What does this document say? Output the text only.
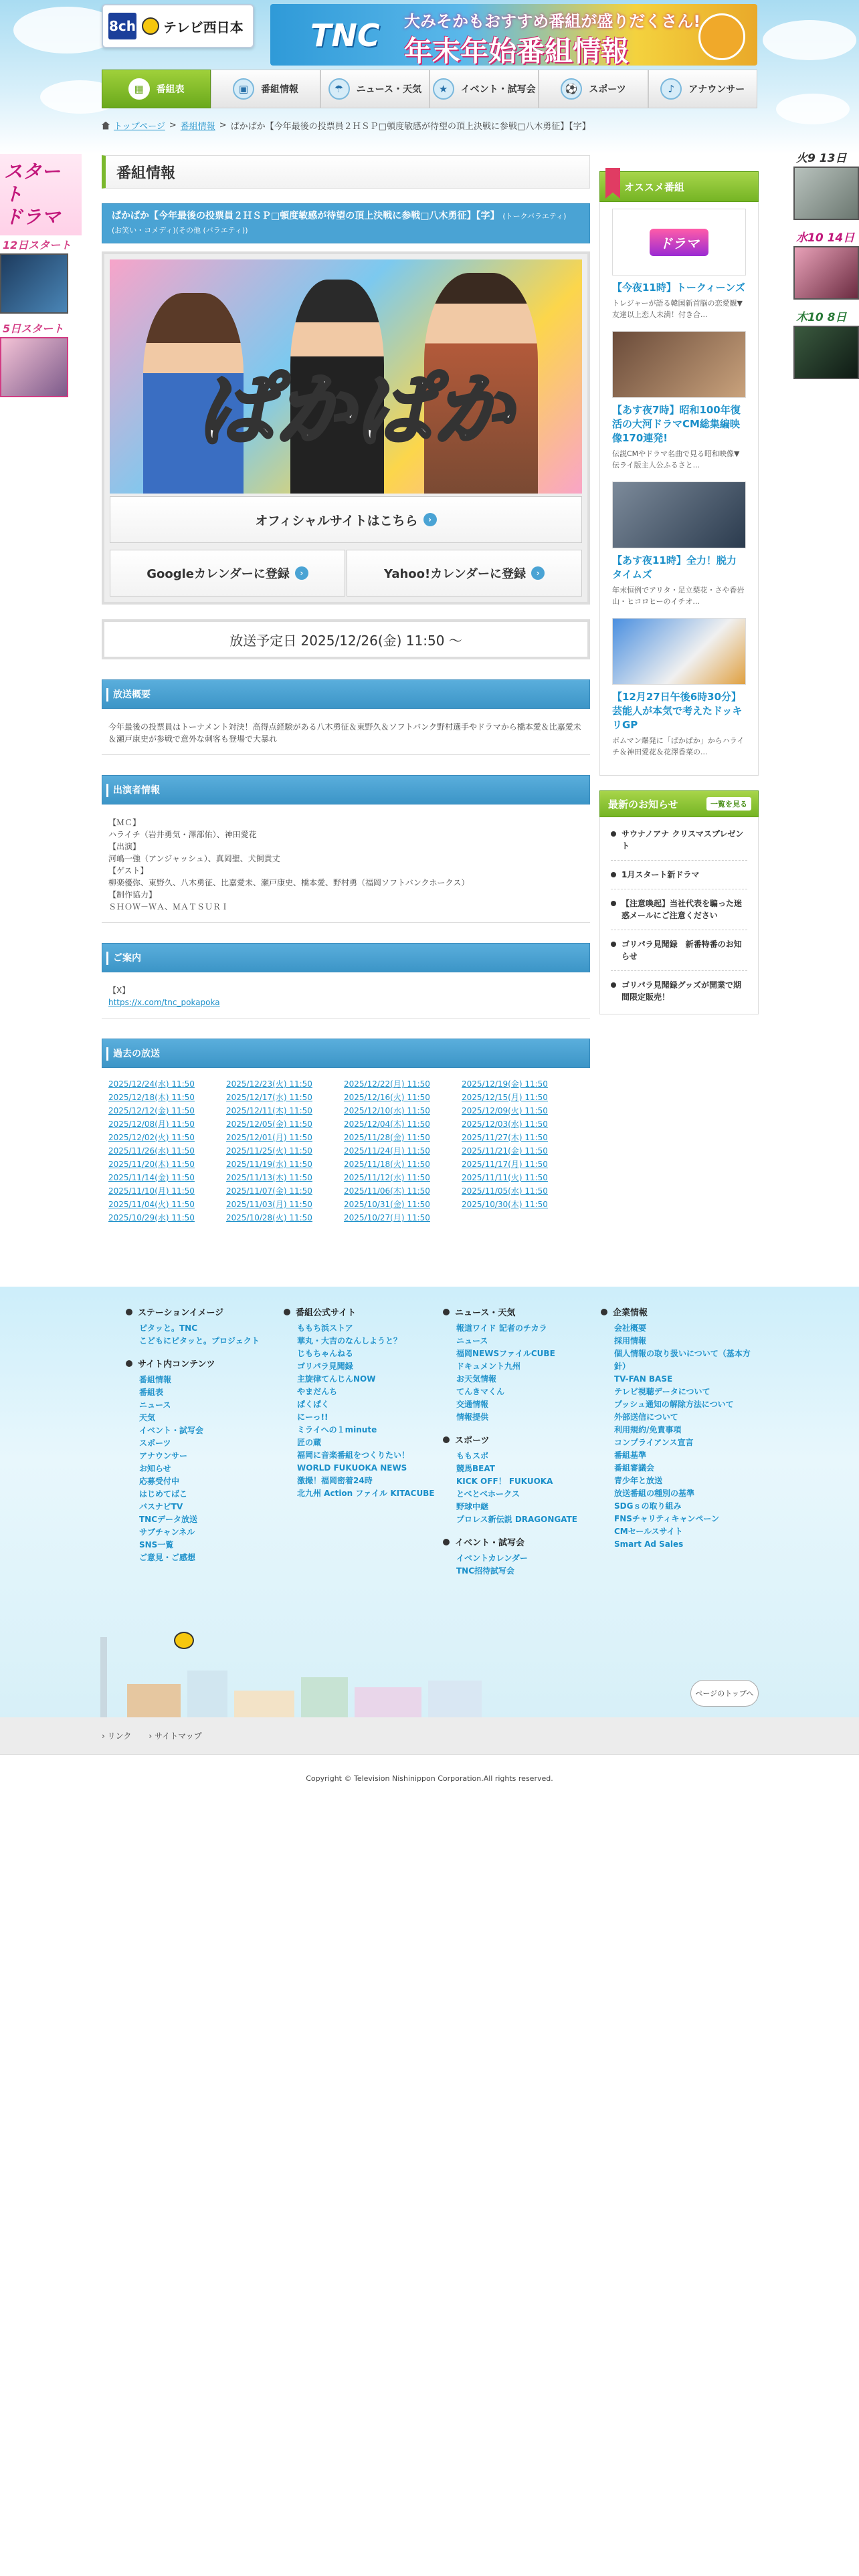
8ch テレビ西日本 TNC 大みそかもおすすめ番組が盛りだくさん!
年末年始番組情報
▦	番組表	▣	番組情報	☂	ニュース・天気	★	イベント・試写会	⚽	スポーツ	♪	アナウンサー
トップページ > 番組情報 > ぱかぱか【今年最後の投票員２ＨＳＰ□頓度敏感が待望の頂上決戦に参戦□八木勇征】【字】
スタート
ドラマ
12日スタート
5日スタート
火9 13日
水10 14日
木10 8日
番組情報
ぱかぱか【今年最後の投票員２ＨＳＰ□頓度敏感が待望の頂上決戦に参戦□八木勇征】【字】 (トークバラエティ)
(お笑い・コメディ)(その他 (バラエティ))
ぱかぱか
オフィシャルサイトはこちら	›
Googleカレンダーに登録	›	Yahoo!カレンダーに登録	›
放送予定日 2025/12/26(金) 11:50 〜
放送概要
今年最後の投票員はトーナメント対決！高得点経験がある八木勇征＆東野久＆ソフトバンク野村選手やドラマから橋本愛＆比嘉愛未＆瀬戸康史が参戦で意外な刺客も登場で大暴れ
出演者情報
【ＭＣ】
ハライチ（岩井勇気・澤部佑）、神田愛花
【出演】
河嶋一強（アンジャッシュ）、真岡聖、犬飼貴丈
【ゲスト】
柳楽優弥、東野久、八木勇征、比嘉愛未、瀬戸康史、橋本愛、野村勇（福岡ソフトバンクホークス）
【制作協力】
ＳＨＯＷ－ＷＡ、ＭＡＴＳＵＲＩ
ご案内
【X】
https://x.com/tnc_pokapoka
過去の放送
2025/12/24(水) 11:50	2025/12/23(火) 11:50	2025/12/22(月) 11:50	2025/12/19(金) 11:50
2025/12/18(木) 11:50	2025/12/17(水) 11:50	2025/12/16(火) 11:50	2025/12/15(月) 11:50
2025/12/12(金) 11:50	2025/12/11(木) 11:50	2025/12/10(水) 11:50	2025/12/09(火) 11:50
2025/12/08(月) 11:50	2025/12/05(金) 11:50	2025/12/04(木) 11:50	2025/12/03(水) 11:50
2025/12/02(火) 11:50	2025/12/01(月) 11:50	2025/11/28(金) 11:50	2025/11/27(木) 11:50
2025/11/26(水) 11:50	2025/11/25(火) 11:50	2025/11/24(月) 11:50	2025/11/21(金) 11:50
2025/11/20(木) 11:50	2025/11/19(水) 11:50	2025/11/18(火) 11:50	2025/11/17(月) 11:50
2025/11/14(金) 11:50	2025/11/13(木) 11:50	2025/11/12(水) 11:50	2025/11/11(火) 11:50
2025/11/10(月) 11:50	2025/11/07(金) 11:50	2025/11/06(木) 11:50	2025/11/05(水) 11:50
2025/11/04(火) 11:50	2025/11/03(月) 11:50	2025/10/31(金) 11:50	2025/10/30(木) 11:50
2025/10/29(水) 11:50	2025/10/28(火) 11:50	2025/10/27(月) 11:50
オススメ番組
ドラマ
【今夜11時】トークィーンズ
トレジャーが語る韓国新首脳の恋愛観▼友達以上恋人未満！付き合...
【あす夜7時】昭和100年復活の大河ドラマCM総集編映像170連発!
伝説CMやドラマ名曲で見る昭和映像▼伝ライ版主人公ふるさと...
【あす夜11時】全力！脱力タイムズ
年末恒例でアリタ・足立梨花・さや香岩山・ヒコロヒーのイチオ...
【12月27日午後6時30分】芸能人が本気で考えたドッキリGP
ボムマン爆発に「ぱかぱか」からハライチ＆神田愛花＆花澤香菜の...
最新のお知らせ	一覧を見る
サウナノアナ クリスマスプレゼント
1月スタート新ドラマ
【注意喚起】当社代表を騙った迷惑メールにご注意ください
ゴリパラ見聞録　新番特番のお知らせ
ゴリパラ見聞録グッズが開業で期間限定販売！
ステーションイメージ
ピタッと。TNC
こどもにピタッと。プロジェクト
サイト内コンテンツ
番組情報
番組表
ニュース
天気
イベント・試写会
スポーツ
アナウンサー
お知らせ
応募受付中
はじめてばこ
バスナビTV
TNCデータ放送
サブチャンネル
SNS一覧
ご意見・ご感想
番組公式サイト
ももち浜ストア
華丸・大吉のなんしようと？
じもちゃんねる
ゴリパラ見聞録
主旋律てんじんNOW
やまだんち
ぱくぱく
にーっ!!
ミライへの１minute
匠の蔵
福岡に音楽番組をつくりたい！
WORLD FUKUOKA NEWS
激撮！福岡密着24時
北九州 Action ファイル KITACUBE
ニュース・天気
報道ワイド 記者のチカラ
ニュース
福岡NEWSファイルCUBE
ドキュメント九州
お天気情報
てんきマくん
交通情報
情報提供
スポーツ
ももスポ
競馬BEAT
KICK OFF！ FUKUOKA
とべとべホークス
野球中継
プロレス新伝説 DRAGONGATE
イベント・試写会
イベントカレンダー
TNC招待試写会
企業情報
会社概要
採用情報
個人情報の取り扱いについて（基本方針）
TV-FAN BASE
テレビ視聴データについて
プッシュ通知の解除方法について
外部送信について
利用規約/免責事項
コンプライアンス宣言
番組基準
番組審議会
青少年と放送
放送番組の種別の基準
SDGｓの取り組み
FNSチャリティキャンペーン
CMセールスサイト
Smart Ad Sales
ページのトップへ
› リンク	› サイトマップ
Copyright © Television Nishinippon Corporation.All rights reserved.
